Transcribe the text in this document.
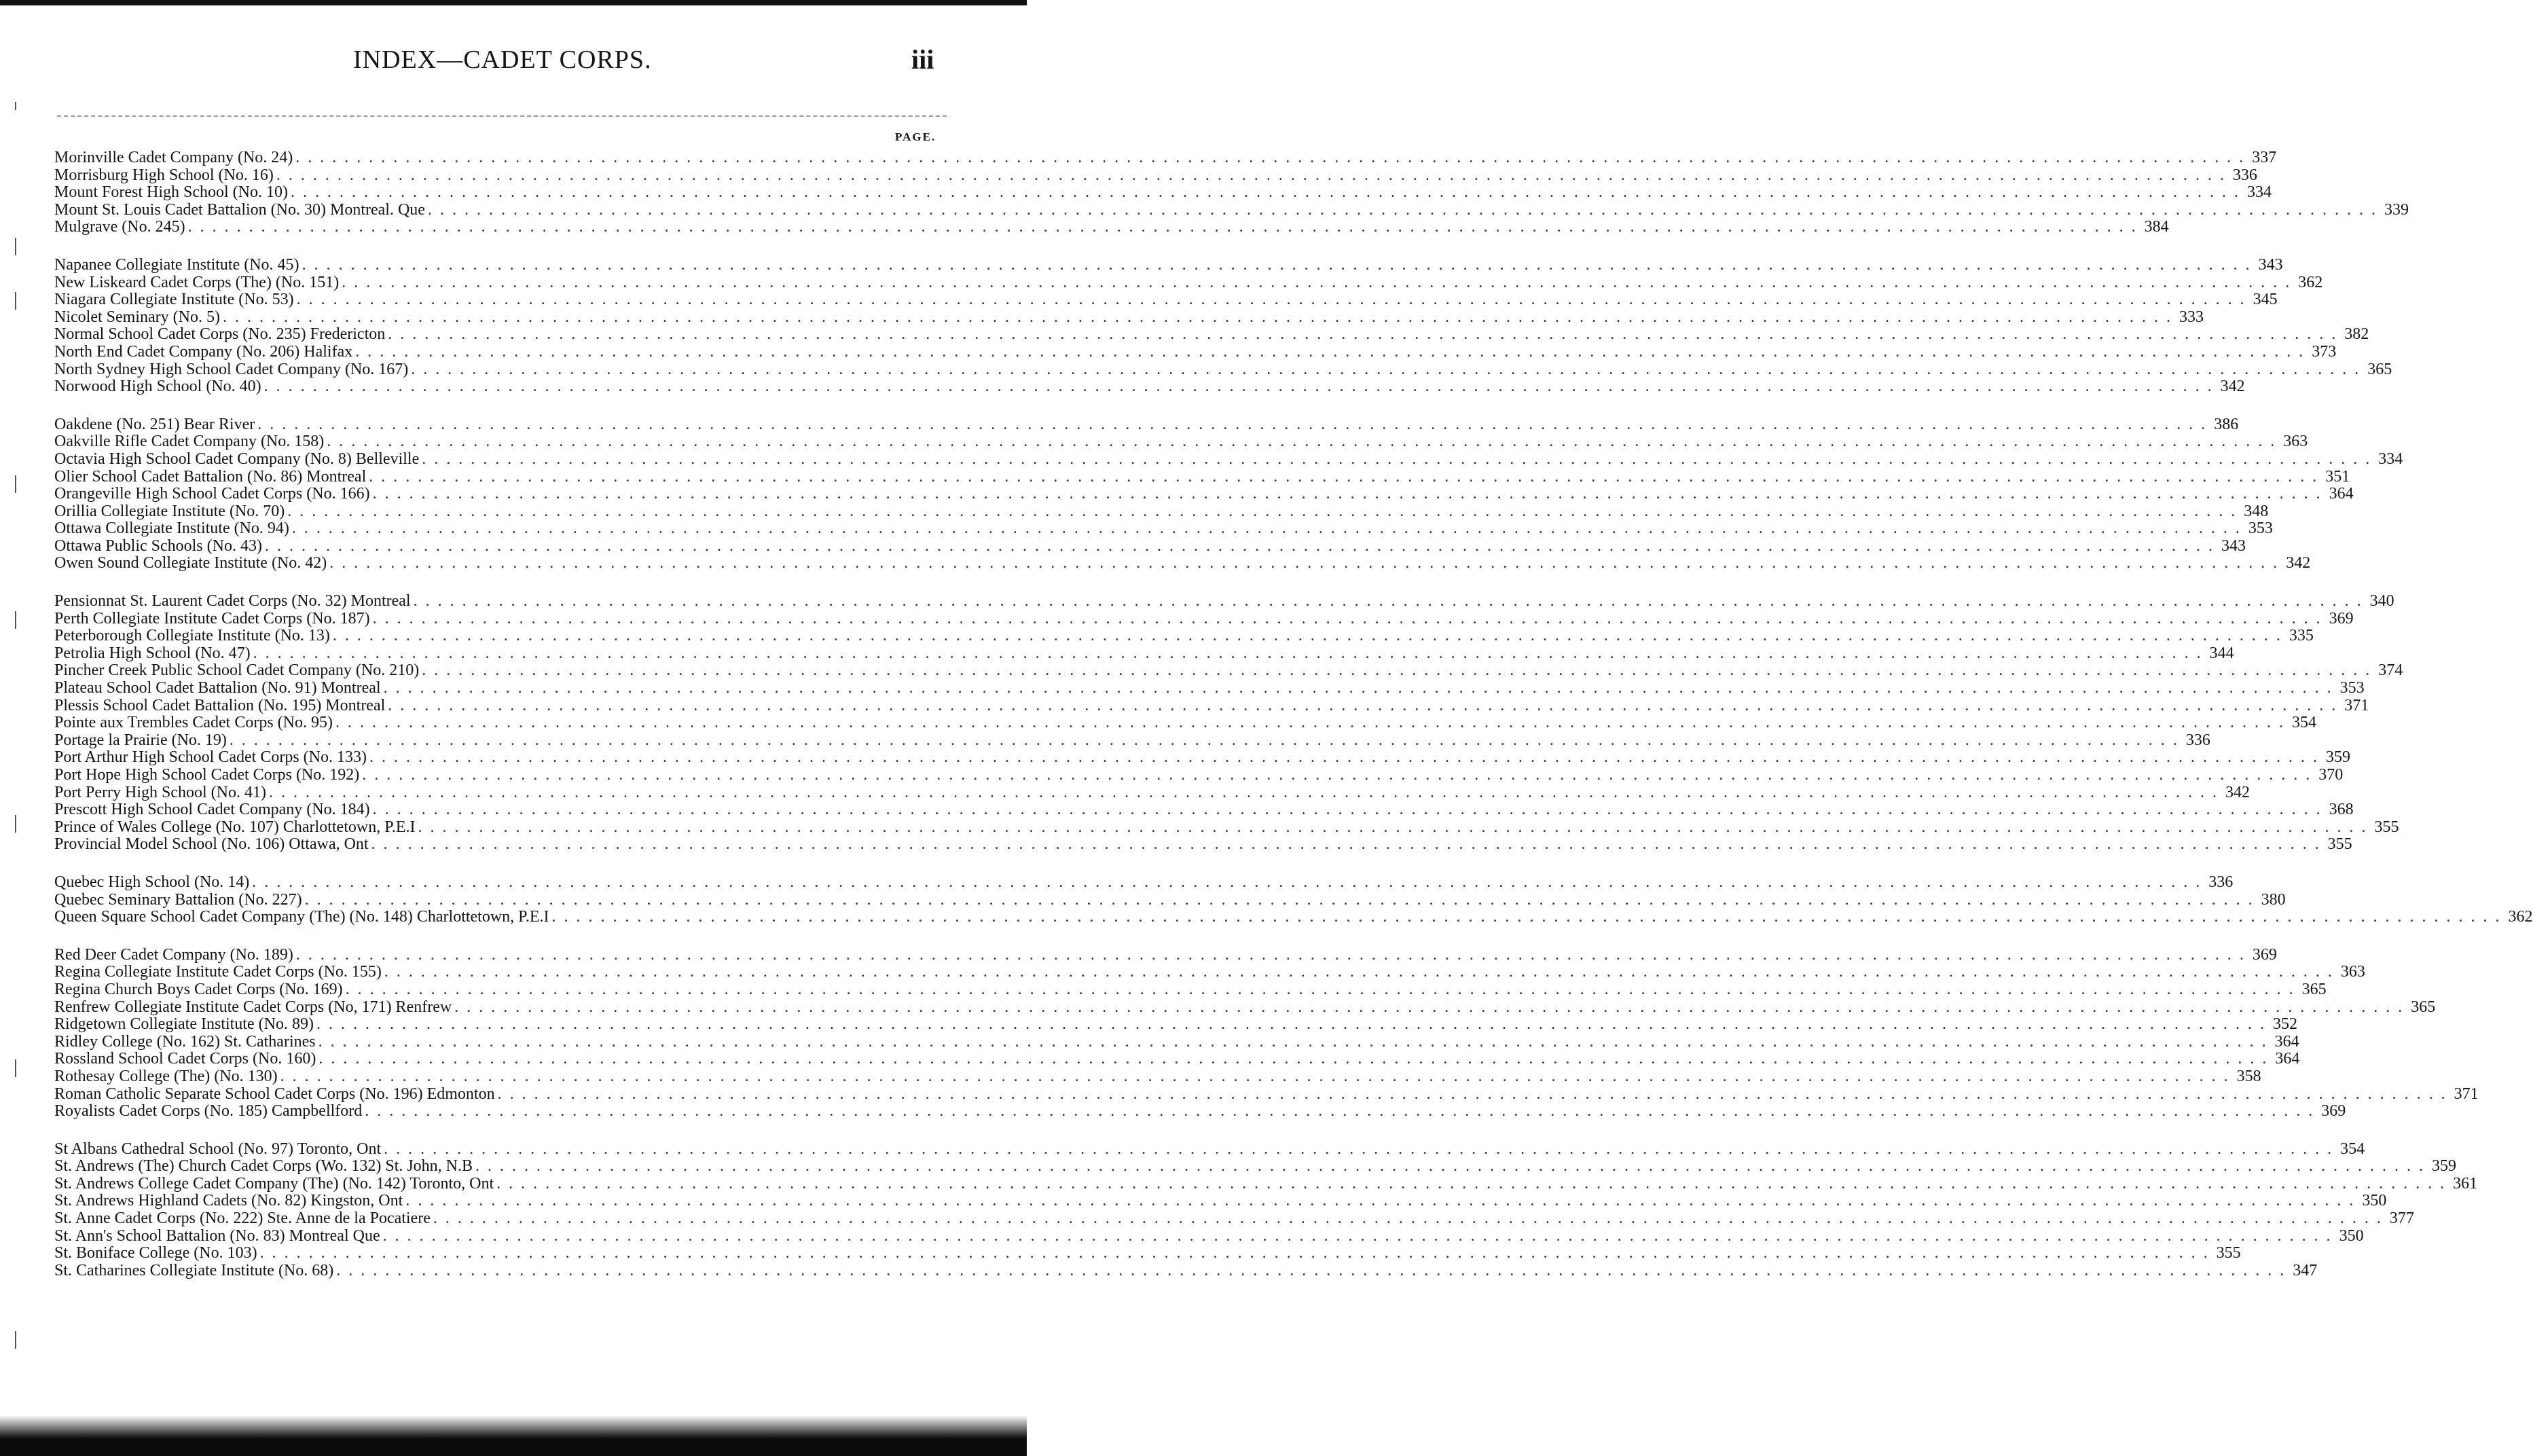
INDEX—CADET CORPS.	iii
PAGE.
Morinville Cadet Company (No. 24) . . . . . . . . . . . . . . . . . . . . . . . . . . . . . . . . . . . . . . . . . . . . . . . . . . . . . . . . . . . . . . . . . . . . . . . . . . . . . . . . . . . . . . . . . . . . . . . . . . . . . . . . . . . . . . . . . . . . . . . . . . . . . . . . . . . . . . . . . . . . . . . . . . . . . . . . . . . . . . . . 337
Morrisburg High School (No. 16) . . . . . . . . . . . . . . . . . . . . . . . . . . . . . . . . . . . . . . . . . . . . . . . . . . . . . . . . . . . . . . . . . . . . . . . . . . . . . . . . . . . . . . . . . . . . . . . . . . . . . . . . . . . . . . . . . . . . . . . . . . . . . . . . . . . . . . . . . . . . . . . . . . . . . . . . . . . . . . . . 336
Mount Forest High School (No. 10) . . . . . . . . . . . . . . . . . . . . . . . . . . . . . . . . . . . . . . . . . . . . . . . . . . . . . . . . . . . . . . . . . . . . . . . . . . . . . . . . . . . . . . . . . . . . . . . . . . . . . . . . . . . . . . . . . . . . . . . . . . . . . . . . . . . . . . . . . . . . . . . . . . . . . . . . . . . . . . . . 334
Mount St. Louis Cadet Battalion (No. 30) Montreal. Que . . . . . . . . . . . . . . . . . . . . . . . . . . . . . . . . . . . . . . . . . . . . . . . . . . . . . . . . . . . . . . . . . . . . . . . . . . . . . . . . . . . . . . . . . . . . . . . . . . . . . . . . . . . . . . . . . . . . . . . . . . . . . . . . . . . . . . . . . . . . . . . . . . . . . . . . . . . . . . . . 339
Mulgrave (No. 245) . . . . . . . . . . . . . . . . . . . . . . . . . . . . . . . . . . . . . . . . . . . . . . . . . . . . . . . . . . . . . . . . . . . . . . . . . . . . . . . . . . . . . . . . . . . . . . . . . . . . . . . . . . . . . . . . . . . . . . . . . . . . . . . . . . . . . . . . . . . . . . . . . . . . . . . . . . . . . . . . 384
Napanee Collegiate Institute (No. 45) . . . . . . . . . . . . . . . . . . . . . . . . . . . . . . . . . . . . . . . . . . . . . . . . . . . . . . . . . . . . . . . . . . . . . . . . . . . . . . . . . . . . . . . . . . . . . . . . . . . . . . . . . . . . . . . . . . . . . . . . . . . . . . . . . . . . . . . . . . . . . . . . . . . . . . . . . . . . . . . . 343
New Liskeard Cadet Corps (The) (No. 151) . . . . . . . . . . . . . . . . . . . . . . . . . . . . . . . . . . . . . . . . . . . . . . . . . . . . . . . . . . . . . . . . . . . . . . . . . . . . . . . . . . . . . . . . . . . . . . . . . . . . . . . . . . . . . . . . . . . . . . . . . . . . . . . . . . . . . . . . . . . . . . . . . . . . . . . . . . . . . . . . 362
Niagara Collegiate Institute (No. 53) . . . . . . . . . . . . . . . . . . . . . . . . . . . . . . . . . . . . . . . . . . . . . . . . . . . . . . . . . . . . . . . . . . . . . . . . . . . . . . . . . . . . . . . . . . . . . . . . . . . . . . . . . . . . . . . . . . . . . . . . . . . . . . . . . . . . . . . . . . . . . . . . . . . . . . . . . . . . . . . . 345
Nicolet Seminary (No. 5) . . . . . . . . . . . . . . . . . . . . . . . . . . . . . . . . . . . . . . . . . . . . . . . . . . . . . . . . . . . . . . . . . . . . . . . . . . . . . . . . . . . . . . . . . . . . . . . . . . . . . . . . . . . . . . . . . . . . . . . . . . . . . . . . . . . . . . . . . . . . . . . . . . . . . . . . . . . . . . . . 333
Normal School Cadet Corps (No. 235) Fredericton . . . . . . . . . . . . . . . . . . . . . . . . . . . . . . . . . . . . . . . . . . . . . . . . . . . . . . . . . . . . . . . . . . . . . . . . . . . . . . . . . . . . . . . . . . . . . . . . . . . . . . . . . . . . . . . . . . . . . . . . . . . . . . . . . . . . . . . . . . . . . . . . . . . . . . . . . . . . . . . . 382
North End Cadet Company (No. 206) Halifax . . . . . . . . . . . . . . . . . . . . . . . . . . . . . . . . . . . . . . . . . . . . . . . . . . . . . . . . . . . . . . . . . . . . . . . . . . . . . . . . . . . . . . . . . . . . . . . . . . . . . . . . . . . . . . . . . . . . . . . . . . . . . . . . . . . . . . . . . . . . . . . . . . . . . . . . . . . . . . . . 373
North Sydney High School Cadet Company (No. 167) . . . . . . . . . . . . . . . . . . . . . . . . . . . . . . . . . . . . . . . . . . . . . . . . . . . . . . . . . . . . . . . . . . . . . . . . . . . . . . . . . . . . . . . . . . . . . . . . . . . . . . . . . . . . . . . . . . . . . . . . . . . . . . . . . . . . . . . . . . . . . . . . . . . . . . . . . . . . . . . . 365
Norwood High School (No. 40) . . . . . . . . . . . . . . . . . . . . . . . . . . . . . . . . . . . . . . . . . . . . . . . . . . . . . . . . . . . . . . . . . . . . . . . . . . . . . . . . . . . . . . . . . . . . . . . . . . . . . . . . . . . . . . . . . . . . . . . . . . . . . . . . . . . . . . . . . . . . . . . . . . . . . . . . . . . . . . . . 342
Oakdene (No. 251) Bear River . . . . . . . . . . . . . . . . . . . . . . . . . . . . . . . . . . . . . . . . . . . . . . . . . . . . . . . . . . . . . . . . . . . . . . . . . . . . . . . . . . . . . . . . . . . . . . . . . . . . . . . . . . . . . . . . . . . . . . . . . . . . . . . . . . . . . . . . . . . . . . . . . . . . . . . . . . . . . . . . 386
Oakville Rifle Cadet Company (No. 158) . . . . . . . . . . . . . . . . . . . . . . . . . . . . . . . . . . . . . . . . . . . . . . . . . . . . . . . . . . . . . . . . . . . . . . . . . . . . . . . . . . . . . . . . . . . . . . . . . . . . . . . . . . . . . . . . . . . . . . . . . . . . . . . . . . . . . . . . . . . . . . . . . . . . . . . . . . . . . . . . 363
Octavia High School Cadet Company (No. 8) Belleville . . . . . . . . . . . . . . . . . . . . . . . . . . . . . . . . . . . . . . . . . . . . . . . . . . . . . . . . . . . . . . . . . . . . . . . . . . . . . . . . . . . . . . . . . . . . . . . . . . . . . . . . . . . . . . . . . . . . . . . . . . . . . . . . . . . . . . . . . . . . . . . . . . . . . . . . . . . . . . . . 334
Olier School Cadet Battalion (No. 86) Montreal . . . . . . . . . . . . . . . . . . . . . . . . . . . . . . . . . . . . . . . . . . . . . . . . . . . . . . . . . . . . . . . . . . . . . . . . . . . . . . . . . . . . . . . . . . . . . . . . . . . . . . . . . . . . . . . . . . . . . . . . . . . . . . . . . . . . . . . . . . . . . . . . . . . . . . . . . . . . . . . . 351
Orangeville High School Cadet Corps (No. 166) . . . . . . . . . . . . . . . . . . . . . . . . . . . . . . . . . . . . . . . . . . . . . . . . . . . . . . . . . . . . . . . . . . . . . . . . . . . . . . . . . . . . . . . . . . . . . . . . . . . . . . . . . . . . . . . . . . . . . . . . . . . . . . . . . . . . . . . . . . . . . . . . . . . . . . . . . . . . . . . . 364
Orillia Collegiate Institute (No. 70) . . . . . . . . . . . . . . . . . . . . . . . . . . . . . . . . . . . . . . . . . . . . . . . . . . . . . . . . . . . . . . . . . . . . . . . . . . . . . . . . . . . . . . . . . . . . . . . . . . . . . . . . . . . . . . . . . . . . . . . . . . . . . . . . . . . . . . . . . . . . . . . . . . . . . . . . . . . . . . . . 348
Ottawa Collegiate Institute (No. 94) . . . . . . . . . . . . . . . . . . . . . . . . . . . . . . . . . . . . . . . . . . . . . . . . . . . . . . . . . . . . . . . . . . . . . . . . . . . . . . . . . . . . . . . . . . . . . . . . . . . . . . . . . . . . . . . . . . . . . . . . . . . . . . . . . . . . . . . . . . . . . . . . . . . . . . . . . . . . . . . . 353
Ottawa Public Schools (No. 43) . . . . . . . . . . . . . . . . . . . . . . . . . . . . . . . . . . . . . . . . . . . . . . . . . . . . . . . . . . . . . . . . . . . . . . . . . . . . . . . . . . . . . . . . . . . . . . . . . . . . . . . . . . . . . . . . . . . . . . . . . . . . . . . . . . . . . . . . . . . . . . . . . . . . . . . . . . . . . . . . 343
Owen Sound Collegiate Institute (No. 42) . . . . . . . . . . . . . . . . . . . . . . . . . . . . . . . . . . . . . . . . . . . . . . . . . . . . . . . . . . . . . . . . . . . . . . . . . . . . . . . . . . . . . . . . . . . . . . . . . . . . . . . . . . . . . . . . . . . . . . . . . . . . . . . . . . . . . . . . . . . . . . . . . . . . . . . . . . . . . . . . 342
Pensionnat St. Laurent Cadet Corps (No. 32) Montreal . . . . . . . . . . . . . . . . . . . . . . . . . . . . . . . . . . . . . . . . . . . . . . . . . . . . . . . . . . . . . . . . . . . . . . . . . . . . . . . . . . . . . . . . . . . . . . . . . . . . . . . . . . . . . . . . . . . . . . . . . . . . . . . . . . . . . . . . . . . . . . . . . . . . . . . . . . . . . . . . 340
Perth Collegiate Institute Cadet Corps (No. 187) . . . . . . . . . . . . . . . . . . . . . . . . . . . . . . . . . . . . . . . . . . . . . . . . . . . . . . . . . . . . . . . . . . . . . . . . . . . . . . . . . . . . . . . . . . . . . . . . . . . . . . . . . . . . . . . . . . . . . . . . . . . . . . . . . . . . . . . . . . . . . . . . . . . . . . . . . . . . . . . . 369
Peterborough Collegiate Institute (No. 13) . . . . . . . . . . . . . . . . . . . . . . . . . . . . . . . . . . . . . . . . . . . . . . . . . . . . . . . . . . . . . . . . . . . . . . . . . . . . . . . . . . . . . . . . . . . . . . . . . . . . . . . . . . . . . . . . . . . . . . . . . . . . . . . . . . . . . . . . . . . . . . . . . . . . . . . . . . . . . . . . 335
Petrolia High School (No. 47) . . . . . . . . . . . . . . . . . . . . . . . . . . . . . . . . . . . . . . . . . . . . . . . . . . . . . . . . . . . . . . . . . . . . . . . . . . . . . . . . . . . . . . . . . . . . . . . . . . . . . . . . . . . . . . . . . . . . . . . . . . . . . . . . . . . . . . . . . . . . . . . . . . . . . . . . . . . . . . . . 344
Pincher Creek Public School Cadet Company (No. 210) . . . . . . . . . . . . . . . . . . . . . . . . . . . . . . . . . . . . . . . . . . . . . . . . . . . . . . . . . . . . . . . . . . . . . . . . . . . . . . . . . . . . . . . . . . . . . . . . . . . . . . . . . . . . . . . . . . . . . . . . . . . . . . . . . . . . . . . . . . . . . . . . . . . . . . . . . . . . . . . . 374
Plateau School Cadet Battalion (No. 91) Montreal . . . . . . . . . . . . . . . . . . . . . . . . . . . . . . . . . . . . . . . . . . . . . . . . . . . . . . . . . . . . . . . . . . . . . . . . . . . . . . . . . . . . . . . . . . . . . . . . . . . . . . . . . . . . . . . . . . . . . . . . . . . . . . . . . . . . . . . . . . . . . . . . . . . . . . . . . . . . . . . . 353
Plessis School Cadet Battalion (No. 195) Montreal . . . . . . . . . . . . . . . . . . . . . . . . . . . . . . . . . . . . . . . . . . . . . . . . . . . . . . . . . . . . . . . . . . . . . . . . . . . . . . . . . . . . . . . . . . . . . . . . . . . . . . . . . . . . . . . . . . . . . . . . . . . . . . . . . . . . . . . . . . . . . . . . . . . . . . . . . . . . . . . . 371
Pointe aux Trembles Cadet Corps (No. 95) . . . . . . . . . . . . . . . . . . . . . . . . . . . . . . . . . . . . . . . . . . . . . . . . . . . . . . . . . . . . . . . . . . . . . . . . . . . . . . . . . . . . . . . . . . . . . . . . . . . . . . . . . . . . . . . . . . . . . . . . . . . . . . . . . . . . . . . . . . . . . . . . . . . . . . . . . . . . . . . . 354
Portage la Prairie (No. 19) . . . . . . . . . . . . . . . . . . . . . . . . . . . . . . . . . . . . . . . . . . . . . . . . . . . . . . . . . . . . . . . . . . . . . . . . . . . . . . . . . . . . . . . . . . . . . . . . . . . . . . . . . . . . . . . . . . . . . . . . . . . . . . . . . . . . . . . . . . . . . . . . . . . . . . . . . . . . . . . . 336
Port Arthur High School Cadet Corps (No. 133) . . . . . . . . . . . . . . . . . . . . . . . . . . . . . . . . . . . . . . . . . . . . . . . . . . . . . . . . . . . . . . . . . . . . . . . . . . . . . . . . . . . . . . . . . . . . . . . . . . . . . . . . . . . . . . . . . . . . . . . . . . . . . . . . . . . . . . . . . . . . . . . . . . . . . . . . . . . . . . . . 359
Port Hope High School Cadet Corps (No. 192) . . . . . . . . . . . . . . . . . . . . . . . . . . . . . . . . . . . . . . . . . . . . . . . . . . . . . . . . . . . . . . . . . . . . . . . . . . . . . . . . . . . . . . . . . . . . . . . . . . . . . . . . . . . . . . . . . . . . . . . . . . . . . . . . . . . . . . . . . . . . . . . . . . . . . . . . . . . . . . . . 370
Port Perry High School (No. 41) . . . . . . . . . . . . . . . . . . . . . . . . . . . . . . . . . . . . . . . . . . . . . . . . . . . . . . . . . . . . . . . . . . . . . . . . . . . . . . . . . . . . . . . . . . . . . . . . . . . . . . . . . . . . . . . . . . . . . . . . . . . . . . . . . . . . . . . . . . . . . . . . . . . . . . . . . . . . . . . . 342
Prescott High School Cadet Company (No. 184) . . . . . . . . . . . . . . . . . . . . . . . . . . . . . . . . . . . . . . . . . . . . . . . . . . . . . . . . . . . . . . . . . . . . . . . . . . . . . . . . . . . . . . . . . . . . . . . . . . . . . . . . . . . . . . . . . . . . . . . . . . . . . . . . . . . . . . . . . . . . . . . . . . . . . . . . . . . . . . . . 368
Prince of Wales College (No. 107) Charlottetown, P.E.I . . . . . . . . . . . . . . . . . . . . . . . . . . . . . . . . . . . . . . . . . . . . . . . . . . . . . . . . . . . . . . . . . . . . . . . . . . . . . . . . . . . . . . . . . . . . . . . . . . . . . . . . . . . . . . . . . . . . . . . . . . . . . . . . . . . . . . . . . . . . . . . . . . . . . . . . . . . . . . . . 355
Provincial Model School (No. 106) Ottawa, Ont . . . . . . . . . . . . . . . . . . . . . . . . . . . . . . . . . . . . . . . . . . . . . . . . . . . . . . . . . . . . . . . . . . . . . . . . . . . . . . . . . . . . . . . . . . . . . . . . . . . . . . . . . . . . . . . . . . . . . . . . . . . . . . . . . . . . . . . . . . . . . . . . . . . . . . . . . . . . . . . . 355
Quebec High School (No. 14) . . . . . . . . . . . . . . . . . . . . . . . . . . . . . . . . . . . . . . . . . . . . . . . . . . . . . . . . . . . . . . . . . . . . . . . . . . . . . . . . . . . . . . . . . . . . . . . . . . . . . . . . . . . . . . . . . . . . . . . . . . . . . . . . . . . . . . . . . . . . . . . . . . . . . . . . . . . . . . . . 336
Quebec Seminary Battalion (No. 227) . . . . . . . . . . . . . . . . . . . . . . . . . . . . . . . . . . . . . . . . . . . . . . . . . . . . . . . . . . . . . . . . . . . . . . . . . . . . . . . . . . . . . . . . . . . . . . . . . . . . . . . . . . . . . . . . . . . . . . . . . . . . . . . . . . . . . . . . . . . . . . . . . . . . . . . . . . . . . . . . 380
Queen Square School Cadet Company (The) (No. 148) Charlottetown, P.E.I . . . . . . . . . . . . . . . . . . . . . . . . . . . . . . . . . . . . . . . . . . . . . . . . . . . . . . . . . . . . . . . . . . . . . . . . . . . . . . . . . . . . . . . . . . . . . . . . . . . . . . . . . . . . . . . . . . . . . . . . . . . . . . . . . . . . . . . . . . . . . . . . . . . . . . . . . . . . . . . . 362
Red Deer Cadet Company (No. 189) . . . . . . . . . . . . . . . . . . . . . . . . . . . . . . . . . . . . . . . . . . . . . . . . . . . . . . . . . . . . . . . . . . . . . . . . . . . . . . . . . . . . . . . . . . . . . . . . . . . . . . . . . . . . . . . . . . . . . . . . . . . . . . . . . . . . . . . . . . . . . . . . . . . . . . . . . . . . . . . . 369
Regina Collegiate Institute Cadet Corps (No. 155) . . . . . . . . . . . . . . . . . . . . . . . . . . . . . . . . . . . . . . . . . . . . . . . . . . . . . . . . . . . . . . . . . . . . . . . . . . . . . . . . . . . . . . . . . . . . . . . . . . . . . . . . . . . . . . . . . . . . . . . . . . . . . . . . . . . . . . . . . . . . . . . . . . . . . . . . . . . . . . . . 363
Regina Church Boys Cadet Corps (No. 169) . . . . . . . . . . . . . . . . . . . . . . . . . . . . . . . . . . . . . . . . . . . . . . . . . . . . . . . . . . . . . . . . . . . . . . . . . . . . . . . . . . . . . . . . . . . . . . . . . . . . . . . . . . . . . . . . . . . . . . . . . . . . . . . . . . . . . . . . . . . . . . . . . . . . . . . . . . . . . . . . 365
Renfrew Collegiate Institute Cadet Corps (No, 171) Renfrew . . . . . . . . . . . . . . . . . . . . . . . . . . . . . . . . . . . . . . . . . . . . . . . . . . . . . . . . . . . . . . . . . . . . . . . . . . . . . . . . . . . . . . . . . . . . . . . . . . . . . . . . . . . . . . . . . . . . . . . . . . . . . . . . . . . . . . . . . . . . . . . . . . . . . . . . . . . . . . . . 365
Ridgetown Collegiate Institute (No. 89) . . . . . . . . . . . . . . . . . . . . . . . . . . . . . . . . . . . . . . . . . . . . . . . . . . . . . . . . . . . . . . . . . . . . . . . . . . . . . . . . . . . . . . . . . . . . . . . . . . . . . . . . . . . . . . . . . . . . . . . . . . . . . . . . . . . . . . . . . . . . . . . . . . . . . . . . . . . . . . . . 352
Ridley College (No. 162) St. Catharines . . . . . . . . . . . . . . . . . . . . . . . . . . . . . . . . . . . . . . . . . . . . . . . . . . . . . . . . . . . . . . . . . . . . . . . . . . . . . . . . . . . . . . . . . . . . . . . . . . . . . . . . . . . . . . . . . . . . . . . . . . . . . . . . . . . . . . . . . . . . . . . . . . . . . . . . . . . . . . . . 364
Rossland School Cadet Corps (No. 160) . . . . . . . . . . . . . . . . . . . . . . . . . . . . . . . . . . . . . . . . . . . . . . . . . . . . . . . . . . . . . . . . . . . . . . . . . . . . . . . . . . . . . . . . . . . . . . . . . . . . . . . . . . . . . . . . . . . . . . . . . . . . . . . . . . . . . . . . . . . . . . . . . . . . . . . . . . . . . . . . 364
Rothesay College (The) (No. 130) . . . . . . . . . . . . . . . . . . . . . . . . . . . . . . . . . . . . . . . . . . . . . . . . . . . . . . . . . . . . . . . . . . . . . . . . . . . . . . . . . . . . . . . . . . . . . . . . . . . . . . . . . . . . . . . . . . . . . . . . . . . . . . . . . . . . . . . . . . . . . . . . . . . . . . . . . . . . . . . . 358
Roman Catholic Separate School Cadet Corps (No. 196) Edmonton . . . . . . . . . . . . . . . . . . . . . . . . . . . . . . . . . . . . . . . . . . . . . . . . . . . . . . . . . . . . . . . . . . . . . . . . . . . . . . . . . . . . . . . . . . . . . . . . . . . . . . . . . . . . . . . . . . . . . . . . . . . . . . . . . . . . . . . . . . . . . . . . . . . . . . . . . . . . . . . . 371
Royalists Cadet Corps (No. 185) Campbellford . . . . . . . . . . . . . . . . . . . . . . . . . . . . . . . . . . . . . . . . . . . . . . . . . . . . . . . . . . . . . . . . . . . . . . . . . . . . . . . . . . . . . . . . . . . . . . . . . . . . . . . . . . . . . . . . . . . . . . . . . . . . . . . . . . . . . . . . . . . . . . . . . . . . . . . . . . . . . . . . 369
St Albans Cathedral School (No. 97) Toronto, Ont . . . . . . . . . . . . . . . . . . . . . . . . . . . . . . . . . . . . . . . . . . . . . . . . . . . . . . . . . . . . . . . . . . . . . . . . . . . . . . . . . . . . . . . . . . . . . . . . . . . . . . . . . . . . . . . . . . . . . . . . . . . . . . . . . . . . . . . . . . . . . . . . . . . . . . . . . . . . . . . . 354
St. Andrews (The) Church Cadet Corps (Wo. 132) St. John, N.B . . . . . . . . . . . . . . . . . . . . . . . . . . . . . . . . . . . . . . . . . . . . . . . . . . . . . . . . . . . . . . . . . . . . . . . . . . . . . . . . . . . . . . . . . . . . . . . . . . . . . . . . . . . . . . . . . . . . . . . . . . . . . . . . . . . . . . . . . . . . . . . . . . . . . . . . . . . . . . . . 359
St. Andrews College Cadet Company (The) (No. 142) Toronto, Ont . . . . . . . . . . . . . . . . . . . . . . . . . . . . . . . . . . . . . . . . . . . . . . . . . . . . . . . . . . . . . . . . . . . . . . . . . . . . . . . . . . . . . . . . . . . . . . . . . . . . . . . . . . . . . . . . . . . . . . . . . . . . . . . . . . . . . . . . . . . . . . . . . . . . . . . . . . . . . . . . 361
St. Andrews Highland Cadets (No. 82) Kingston, Ont . . . . . . . . . . . . . . . . . . . . . . . . . . . . . . . . . . . . . . . . . . . . . . . . . . . . . . . . . . . . . . . . . . . . . . . . . . . . . . . . . . . . . . . . . . . . . . . . . . . . . . . . . . . . . . . . . . . . . . . . . . . . . . . . . . . . . . . . . . . . . . . . . . . . . . . . . . . . . . . . 350
St. Anne Cadet Corps (No. 222) Ste. Anne de la Pocatiere . . . . . . . . . . . . . . . . . . . . . . . . . . . . . . . . . . . . . . . . . . . . . . . . . . . . . . . . . . . . . . . . . . . . . . . . . . . . . . . . . . . . . . . . . . . . . . . . . . . . . . . . . . . . . . . . . . . . . . . . . . . . . . . . . . . . . . . . . . . . . . . . . . . . . . . . . . . . . . . . 377
St. Ann's School Battalion (No. 83) Montreal Que . . . . . . . . . . . . . . . . . . . . . . . . . . . . . . . . . . . . . . . . . . . . . . . . . . . . . . . . . . . . . . . . . . . . . . . . . . . . . . . . . . . . . . . . . . . . . . . . . . . . . . . . . . . . . . . . . . . . . . . . . . . . . . . . . . . . . . . . . . . . . . . . . . . . . . . . . . . . . . . . 350
St. Boniface College (No. 103) . . . . . . . . . . . . . . . . . . . . . . . . . . . . . . . . . . . . . . . . . . . . . . . . . . . . . . . . . . . . . . . . . . . . . . . . . . . . . . . . . . . . . . . . . . . . . . . . . . . . . . . . . . . . . . . . . . . . . . . . . . . . . . . . . . . . . . . . . . . . . . . . . . . . . . . . . . . . . . . . 355
St. Catharines Collegiate Institute (No. 68) . . . . . . . . . . . . . . . . . . . . . . . . . . . . . . . . . . . . . . . . . . . . . . . . . . . . . . . . . . . . . . . . . . . . . . . . . . . . . . . . . . . . . . . . . . . . . . . . . . . . . . . . . . . . . . . . . . . . . . . . . . . . . . . . . . . . . . . . . . . . . . . . . . . . . . . . . . . . . . . . 347
